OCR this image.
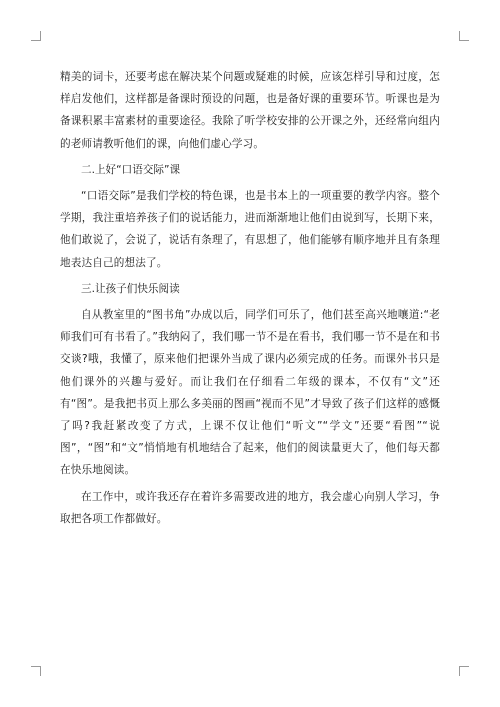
精美的词卡，还要考虑在解决某个问题或疑难的时候，应该怎样引导和过度，怎样启发他们，这样都是备课时预设的问题，也是备好课的重要环节。听课也是为备课积累丰富素材的重要途径。我除了听学校安排的公开课之外，还经常向组内的老师请教听他们的课，向他们虚心学习。

二.上好“口语交际”课

“口语交际”是我们学校的特色课，也是书本上的一项重要的教学内容。整个学期，我注重培养孩子们的说话能力，进而渐渐地让他们由说到写，长期下来，他们敢说了，会说了，说话有条理了，有思想了，他们能够有顺序地并且有条理地表达自己的想法了。

三.让孩子们快乐阅读

自从教室里的“图书角”办成以后，同学们可乐了，他们甚至高兴地嚷道:“老师我们可有书看了。”我纳闷了，我们哪一节不是在看书，我们哪一节不是在和书交谈?哦，我懂了，原来他们把课外当成了课内必须完成的任务。而课外书只是他们课外的兴趣与爱好。而让我们在仔细看二年级的课本，不仅有“文”还有“图”。是我把书页上那么多美丽的图画“视而不见”才导致了孩子们这样的感慨了吗?我赶紧改变了方式，上课不仅让他们“听文”“学文”还要“看图”“说图”，“图”和“文”悄悄地有机地结合了起来，他们的阅读量更大了，他们每天都在快乐地阅读。

在工作中，或许我还存在着许多需要改进的地方，我会虚心向别人学习，争取把各项工作都做好。
